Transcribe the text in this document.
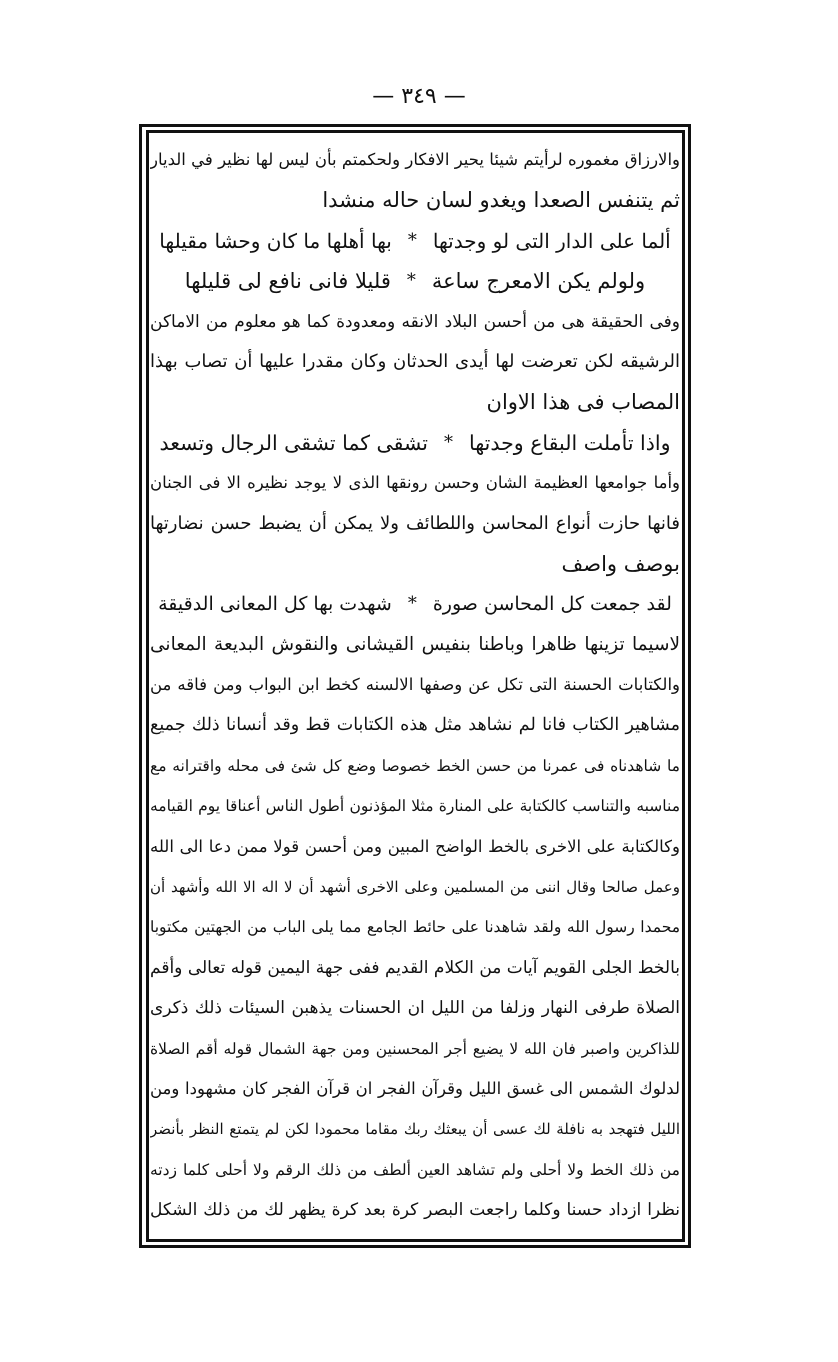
— ٣٤٩ —
والارزاق مغموره لرأيتم شيئا يحير الافكار ولحكمتم بأن ليس لها نظير في الديار
ثم يتنفس الصعدا ويغدو لسان حاله منشدا
ألما على الدار التى لو وجدتها
*
بها أهلها ما كان وحشا مقيلها
ولولم يكن الامعرج ساعة
*
قليلا فانى نافع لى قليلها
وفى الحقيقة هى من أحسن البلاد الانقه ومعدودة كما هو معلوم من الاماكن
الرشيقه لكن تعرضت لها أيدى الحدثان وكان مقدرا عليها أن تصاب بهذا
المصاب فى هذا الاوان
واذا تأملت البقاع وجدتها
*
تشقى كما تشقى الرجال وتسعد
وأما جوامعها العظيمة الشان وحسن رونقها الذى لا يوجد نظيره الا فى الجنان
فانها حازت أنواع المحاسن واللطائف ولا يمكن أن يضبط حسن نضارتها
بوصف واصف
لقد جمعت كل المحاسن صورة
*
شهدت بها كل المعانى الدقيقة
لاسيما تزينها ظاهرا وباطنا بنفيس القيشانى والنقوش البديعة المعانى
والكتابات الحسنة التى تكل عن وصفها الالسنه كخط ابن البواب ومن فاقه من
مشاهير الكتاب فانا لم نشاهد مثل هذه الكتابات قط وقد أنسانا ذلك جميع
ما شاهدناه فى عمرنا من حسن الخط خصوصا وضع كل شئ فى محله واقترانه مع
مناسبه والتناسب كالكتابة على المنارة مثلا المؤذنون أطول الناس أعناقا يوم القيامه
وكالكتابة على الاخرى بالخط الواضح المبين ومن أحسن قولا ممن دعا الى الله
وعمل صالحا وقال اننى من المسلمين وعلى الاخرى أشهد أن لا اله الا الله وأشهد أن
محمدا رسول الله ولقد شاهدنا على حائط الجامع مما يلى الباب من الجهتين مكتوبا
بالخط الجلى القويم آيات من الكلام القديم ففى جهة اليمين قوله تعالى وأقم
الصلاة طرفى النهار وزلفا من الليل ان الحسنات يذهبن السيئات ذلك ذكرى
للذاكرين واصبر فان الله لا يضيع أجر المحسنين ومن جهة الشمال قوله أقم الصلاة
لدلوك الشمس الى غسق الليل وقرآن الفجر ان قرآن الفجر كان مشهودا ومن
الليل فتهجد به نافلة لك عسى أن يبعثك ربك مقاما محمودا لكن لم يتمتع النظر بأنضر
من ذلك الخط ولا أحلى ولم تشاهد العين ألطف من ذلك الرقم ولا أحلى كلما زدته
نظرا ازداد حسنا وكلما راجعت البصر كرة بعد كرة يظهر لك من ذلك الشكل
